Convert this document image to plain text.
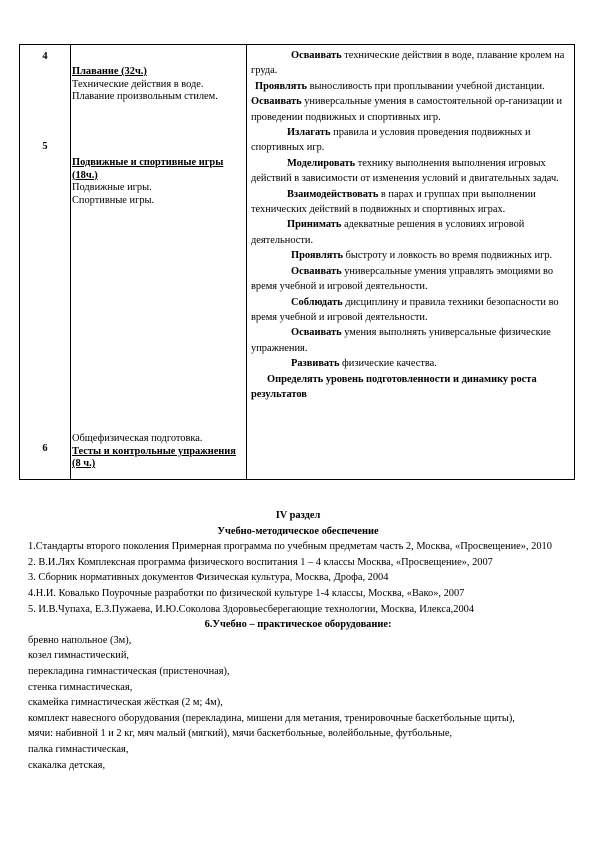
4
5
6
Плавание (32ч.)
Технические действия в воде.
Плавание произвольным стилем.
Подвижные и спортивные игры (18ч.)
Подвижные игры.
Спортивные игры.
Общефизическая подготовка.
Тесты и контрольные упражнения (8 ч.)

Осваивать технические действия в воде, плавание кролем на груда.

Проявлять выносливость при проплывании учебной дистанции.

Осваивать универсальные умения в самостоятельной ор-ганизации и проведении подвижных и спортивных игр.

Излагать правила и условия проведения подвижных и спортивных игр.

Моделировать технику выполнения выполнения игровых действий в зависимости от изменения условий и двигательных задач.

Взаимодействовать в парах и группах при выполнении технических действий в подвижных и спортивных играх.

Принимать адекватные решения в условиях игровой деятельности.

Проявлять быстроту и ловкость во время подвижных игр.

Осваивать универсальные умения управлять эмоциями во время учебной и игровой деятельности.

Соблюдать дисциплину и правила техники безопасности во время учебной и игровой деятельности.

Осваивать умения выполнять универсальные физические упражнения.

Развивать физические качества.

Определять уровень подготовленности и динамику роста результатов

IV раздел
Учебно-методическое обеспечение
1.Стандарты второго поколения Примерная программа по учебным предметам часть 2, Москва, «Просвещение», 2010
2. В.И.Лях Комплексная программа физического воспитания 1 – 4 классы Москва, «Просвещение», 2007
3. Сборник нормативных документов Физическая культура, Москва, Дрофа, 2004
4.Н.И. Ковалько Поурочные разработки по физической культуре 1-4 классы, Москва, «Вако», 2007
5. И.В.Чупаха, Е.З.Пужаева, И.Ю.Соколова Здоровьесберегающие технологии, Москва, Илекса,2004
6.Учебно – практическое оборудование:
бревно напольное (3м),
козел гимнастический,
перекладина гимнастическая (пристеночная),
стенка гимнастическая,
скамейка гимнастическая жёсткая (2 м; 4м),
комплект навесного оборудования (перекладина, мишени для метания, тренировочные баскетбольные щиты),
мячи: набивной 1 и 2 кг, мяч малый (мягкий), мячи баскетбольные, волейбольные, футбольные,
палка гимнастическая,
скакалка детская,
